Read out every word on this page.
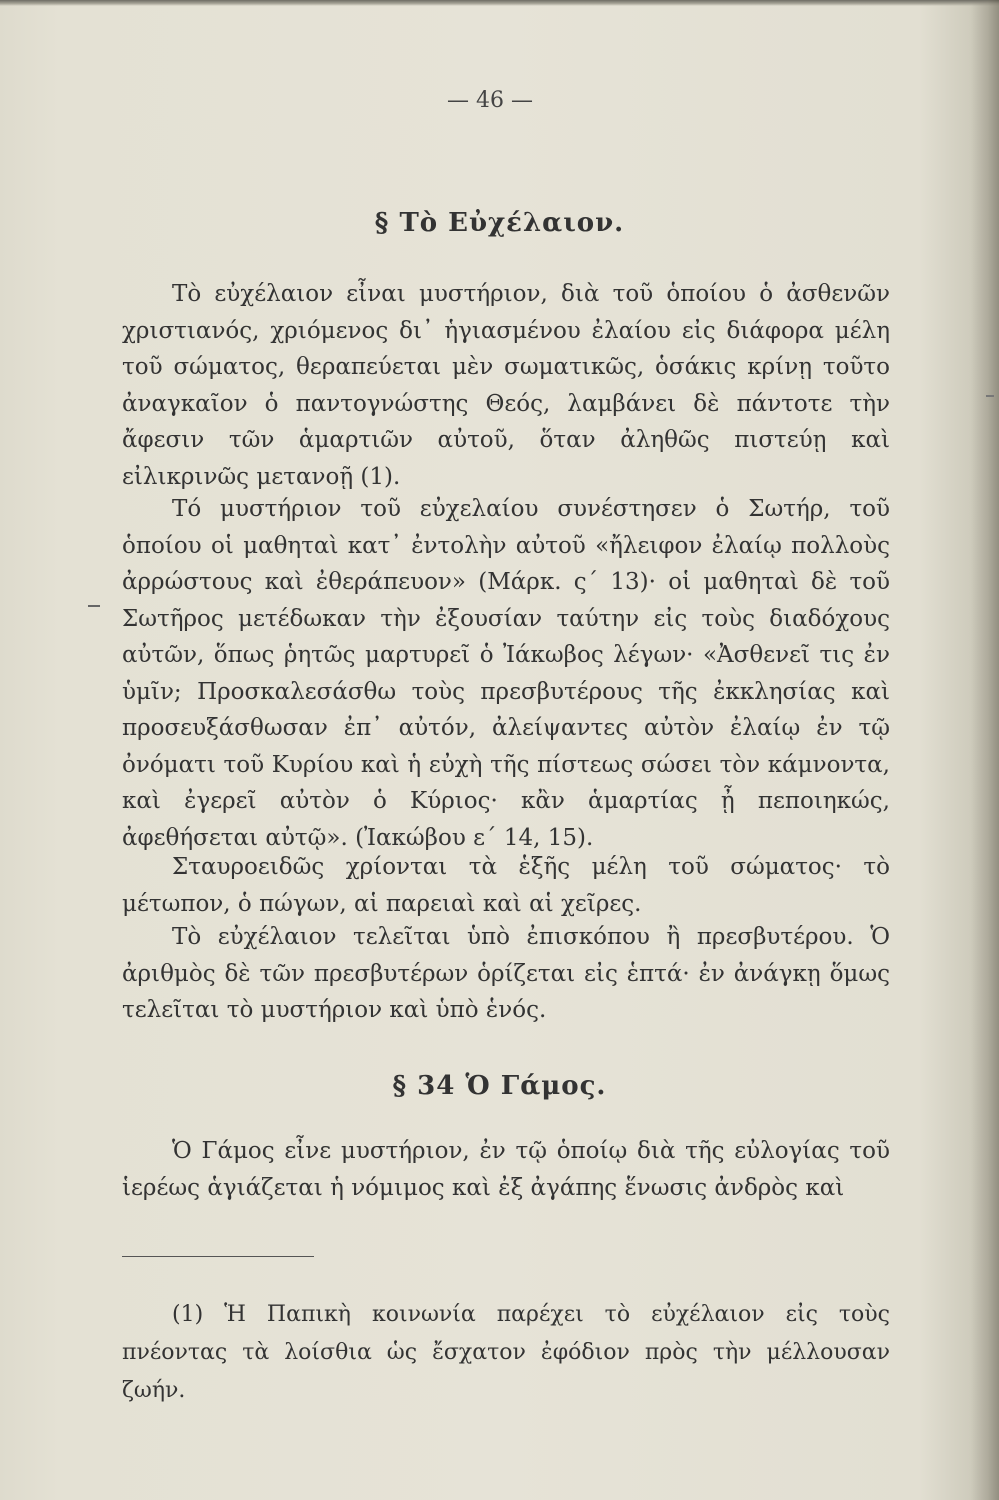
— 46 —
§ Τὸ Εὐχέλαιον.

Τὸ εὐχέλαιον εἶναι μυστήριον, διὰ τοῦ ὁποίου ὁ ἀσθενῶν χριστιανός, χριόμενος δι᾽ ἡγιασμένου ἐλαίου εἰς διάφορα μέλη τοῦ σώματος, θεραπεύεται μὲν σωματικῶς, ὁσάκις κρίνῃ τοῦτο ἀναγκαῖον ὁ παντογνώστης Θεός, λαμβάνει δὲ πάντοτε τὴν ἄφεσιν τῶν ἁμαρτιῶν αὐτοῦ, ὅταν ἀληθῶς πιστεύῃ καὶ εἰλικρινῶς μετανοῇ (1).

Τό μυστήριον τοῦ εὐχελαίου συνέστησεν ὁ Σωτήρ, τοῦ ὁποίου οἱ μαθηταὶ κατ᾽ ἐντολὴν αὐτοῦ «ἤλειφον ἐλαίῳ πολλοὺς ἀρρώστους καὶ ἐθεράπευον» (Μάρκ. ς´ 13)· οἱ μαθηταὶ δὲ τοῦ Σωτῆρος μετέδωκαν τὴν ἐξουσίαν ταύτην εἰς τοὺς διαδόχους αὐτῶν, ὅπως ῥητῶς μαρτυρεῖ ὁ Ἰάκωβος λέγων· «Ἀσθενεῖ τις ἐν ὑμῖν; Προσκαλεσάσθω τοὺς πρεσβυτέρους τῆς ἐκκλησίας καὶ προσευξάσθωσαν ἐπ᾽ αὐτόν, ἀλείψαντες αὐτὸν ἐλαίῳ ἐν τῷ ὀνόματι τοῦ Κυρίου καὶ ἡ εὐχὴ τῆς πίστεως σώσει τὸν κάμνοντα, καὶ ἐγερεῖ αὐτὸν ὁ Κύριος· κἂν ἁμαρτίας ᾖ πεποιηκώς, ἀφεθήσεται αὐτῷ». (Ἰακώβου ε´ 14, 15).

Σταυροειδῶς χρίονται τὰ ἑξῆς μέλη τοῦ σώματος· τὸ μέτωπον, ὁ πώγων, αἱ παρειαὶ καὶ αἱ χεῖρες.

Τὸ εὐχέλαιον τελεῖται ὑπὸ ἐπισκόπου ἢ πρεσβυτέρου. Ὁ ἀριθμὸς δὲ τῶν πρεσβυτέρων ὁρίζεται εἰς ἑπτά· ἐν ἀνάγκῃ ὅμως τελεῖται τὸ μυστήριον καὶ ὑπὸ ἑνός.

§ 34 Ὁ Γάμος.

Ὁ Γάμος εἶνε μυστήριον, ἐν τῷ ὁποίῳ διὰ τῆς εὐλογίας τοῦ ἱερέως ἁγιάζεται ἡ νόμιμος καὶ ἐξ ἀγάπης ἕνωσις ἀνδρὸς καὶ

(1) Ἡ Παπικὴ κοινωνία παρέχει τὸ εὐχέλαιον εἰς τοὺς πνέοντας τὰ λοίσθια ὡς ἔσχατον ἐφόδιον πρὸς τὴν μέλλουσαν ζωήν.
